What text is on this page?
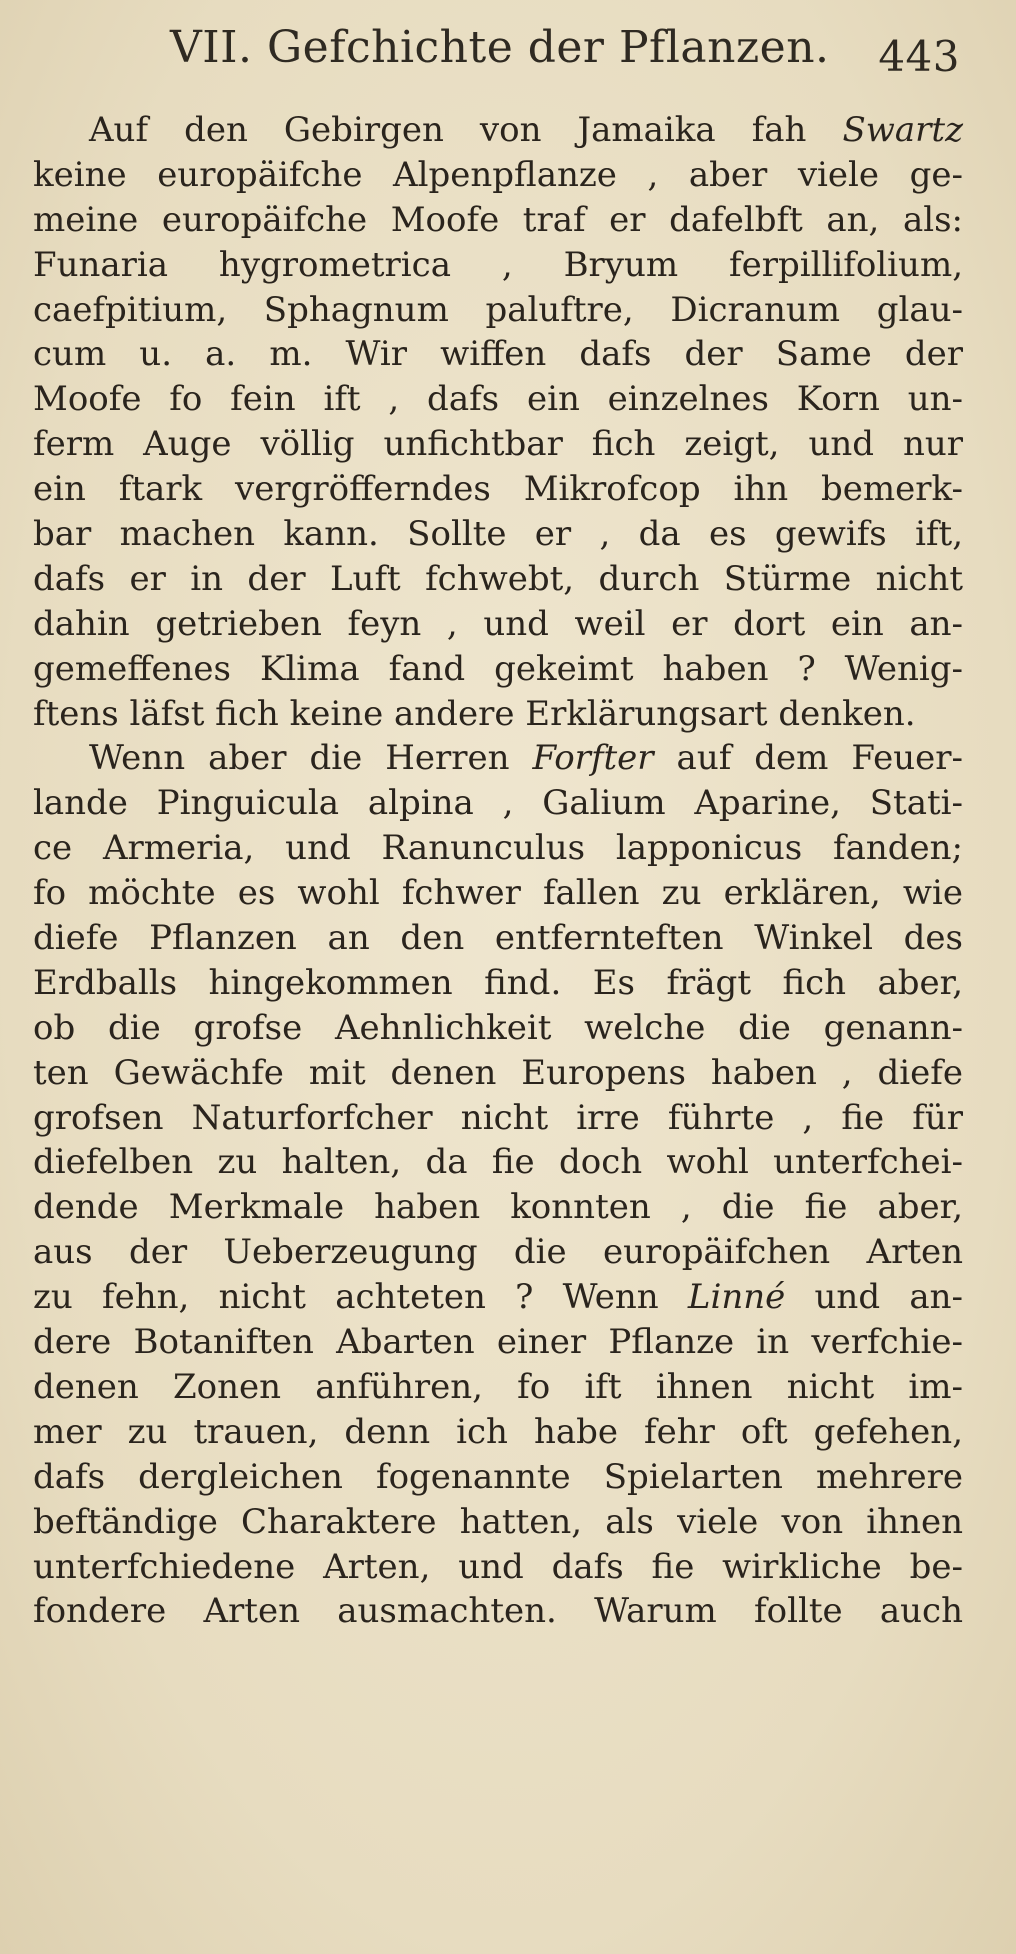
VII. Gefchichte der Pflanzen. 443
Auf den Gebirgen von Jamaika fah Swartz
keine europäifche Alpenpflanze , aber viele ge-
meine europäifche Moofe traf er dafelbft an, als:
Funaria hygrometrica , Bryum ferpillifolium,
caefpitium, Sphagnum paluftre, Dicranum glau-
cum u. a. m. Wir wiffen dafs der Same der
Moofe fo fein ift , dafs ein einzelnes Korn un-
ferm Auge völlig unfichtbar fich zeigt, und nur
ein ftark vergröfferndes Mikrofcop ihn bemerk-
bar machen kann. Sollte er , da es gewifs ift,
dafs er in der Luft fchwebt, durch Stürme nicht
dahin getrieben feyn , und weil er dort ein an-
gemeffenes Klima fand gekeimt haben ? Wenig-
ftens läfst fich keine andere Erklärungsart denken.
Wenn aber die Herren Forfter auf dem Feuer-
lande Pinguicula alpina , Galium Aparine, Stati-
ce Armeria, und Ranunculus lapponicus fanden;
fo möchte es wohl fchwer fallen zu erklären, wie
diefe Pflanzen an den entfernteften Winkel des
Erdballs hingekommen find. Es frägt fich aber,
ob die grofse Aehnlichkeit welche die genann-
ten Gewächfe mit denen Europens haben , diefe
grofsen Naturforfcher nicht irre führte , fie für
diefelben zu halten, da fie doch wohl unterfchei-
dende Merkmale haben konnten , die fie aber,
aus der Ueberzeugung die europäifchen Arten
zu fehn, nicht achteten ? Wenn Linné und an-
dere Botaniften Abarten einer Pflanze in verfchie-
denen Zonen anführen, fo ift ihnen nicht im-
mer zu trauen, denn ich habe fehr oft gefehen,
dafs dergleichen fogenannte Spielarten mehrere
beftändige Charaktere hatten, als viele von ihnen
unterfchiedene Arten, und dafs fie wirkliche be-
fondere Arten ausmachten. Warum follte auch
